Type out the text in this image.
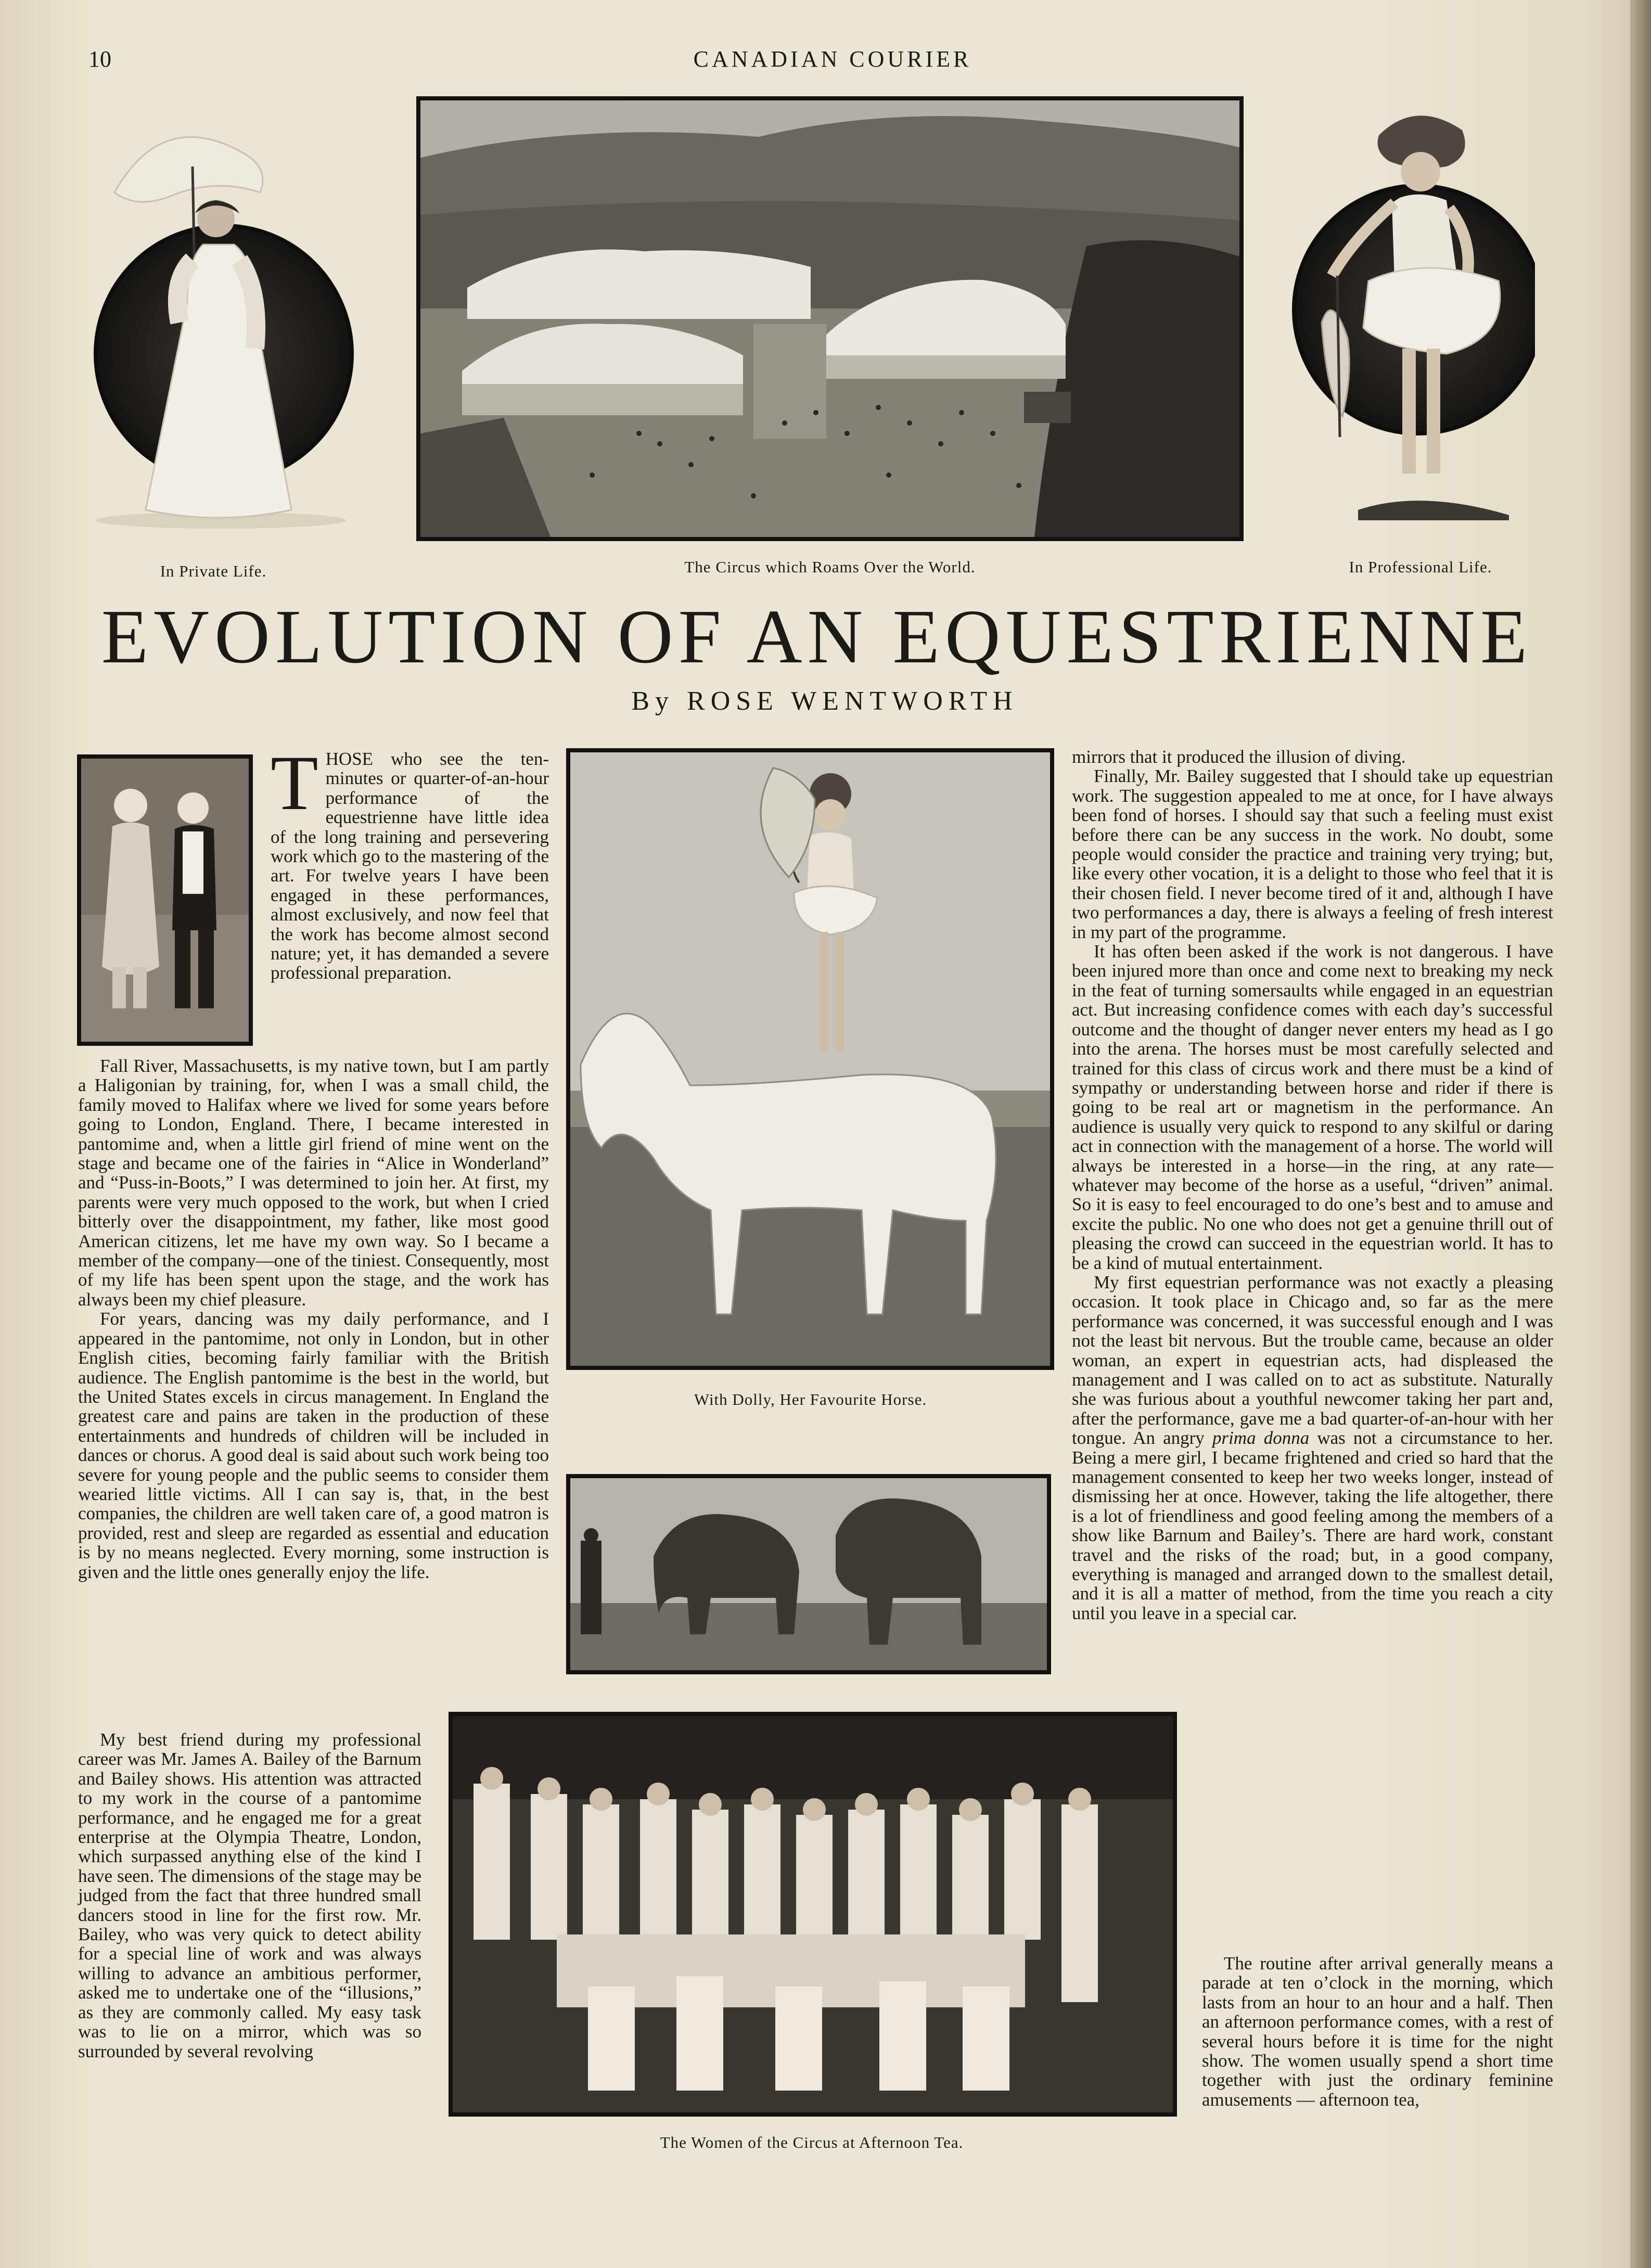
10	CANADIAN COURIER
In Private Life.	The Circus which Roams Over the World.	In Professional Life.
EVOLUTION OF AN EQUESTRIENNE
By ROSE WENTWORTH
With Dolly, Her Favourite Horse.
The Women of the Circus at Afternoon Tea.

THOSE who see the ten-minutes or quarter-of-an-hour performance of the equestrienne have little idea of the long training and persevering work which go to the mastering of the art. For twelve years I have been engaged in these performances, almost exclusively, and now feel that the work has become almost second nature; yet, it has demanded a severe professional preparation.

Fall River, Massachusetts, is my native town, but I am partly a Haligonian by training, for, when I was a small child, the family moved to Halifax where we lived for some years before going to London, England. There, I became interested in pantomime and, when a little girl friend of mine went on the stage and became one of the fairies in “Alice in Wonderland” and “Puss-in-Boots,” I was determined to join her. At first, my parents were very much opposed to the work, but when I cried bitterly over the disappointment, my father, like most good American citizens, let me have my own way. So I became a member of the company—one of the tiniest. Consequently, most of my life has been spent upon the stage, and the work has always been my chief pleasure.

For years, dancing was my daily performance, and I appeared in the pantomime, not only in London, but in other English cities, becoming fairly familiar with the British audience. The English pantomime is the best in the world, but the United States excels in circus management. In England the greatest care and pains are taken in the production of these entertainments and hundreds of children will be included in dances or chorus. A good deal is said about such work being too severe for young people and the public seems to consider them wearied little victims. All I can say is, that, in the best companies, the children are well taken care of, a good matron is provided, rest and sleep are regarded as essential and education is by no means neglected. Every morning, some instruction is given and the little ones generally enjoy the life.

My best friend during my professional career was Mr. James A. Bailey of the Barnum and Bailey shows. His attention was attracted to my work in the course of a pantomime performance, and he engaged me for a great enterprise at the Olympia Theatre, London, which surpassed anything else of the kind I have seen. The dimensions of the stage may be judged from the fact that three hundred small dancers stood in line for the first row. Mr. Bailey, who was very quick to detect ability for a special line of work and was always willing to advance an ambitious performer, asked me to undertake one of the “illusions,” as they are commonly called. My easy task was to lie on a mirror, which was so surrounded by several revolving

mirrors that it produced the illusion of diving.

Finally, Mr. Bailey suggested that I should take up equestrian work. The suggestion appealed to me at once, for I have always been fond of horses. I should say that such a feeling must exist before there can be any success in the work. No doubt, some people would consider the practice and training very trying; but, like every other vocation, it is a delight to those who feel that it is their chosen field. I never become tired of it and, although I have two performances a day, there is always a feeling of fresh interest in my part of the programme.

It has often been asked if the work is not dangerous. I have been injured more than once and come next to breaking my neck in the feat of turning somersaults while engaged in an equestrian act. But increasing confidence comes with each day’s successful outcome and the thought of danger never enters my head as I go into the arena. The horses must be most carefully selected and trained for this class of circus work and there must be a kind of sympathy or understanding between horse and rider if there is going to be real art or magnetism in the performance. An audience is usually very quick to respond to any skilful or daring act in connection with the management of a horse. The world will always be interested in a horse—in the ring, at any rate—whatever may become of the horse as a useful, “driven” animal. So it is easy to feel encouraged to do one’s best and to amuse and excite the public. No one who does not get a genuine thrill out of pleasing the crowd can succeed in the equestrian world. It has to be a kind of mutual entertainment.

My first equestrian performance was not exactly a pleasing occasion. It took place in Chicago and, so far as the mere performance was concerned, it was successful enough and I was not the least bit nervous. But the trouble came, because an older woman, an expert in equestrian acts, had displeased the management and I was called on to act as substitute. Naturally she was furious about a youthful newcomer taking her part and, after the performance, gave me a bad quarter-of-an-hour with her tongue. An angry prima donna was not a circumstance to her. Being a mere girl, I became frightened and cried so hard that the management consented to keep her two weeks longer, instead of dismissing her at once. However, taking the life altogether, there is a lot of friendliness and good feeling among the members of a show like Barnum and Bailey’s. There are hard work, constant travel and the risks of the road; but, in a good company, everything is managed and arranged down to the smallest detail, and it is all a matter of method, from the time you reach a city until you leave in a special car.

The routine after arrival generally means a parade at ten o’clock in the morning, which lasts from an hour to an hour and a half. Then an afternoon performance comes, with a rest of several hours before it is time for the night show. The women usually spend a short time together with just the ordinary feminine amusements — afternoon tea,
